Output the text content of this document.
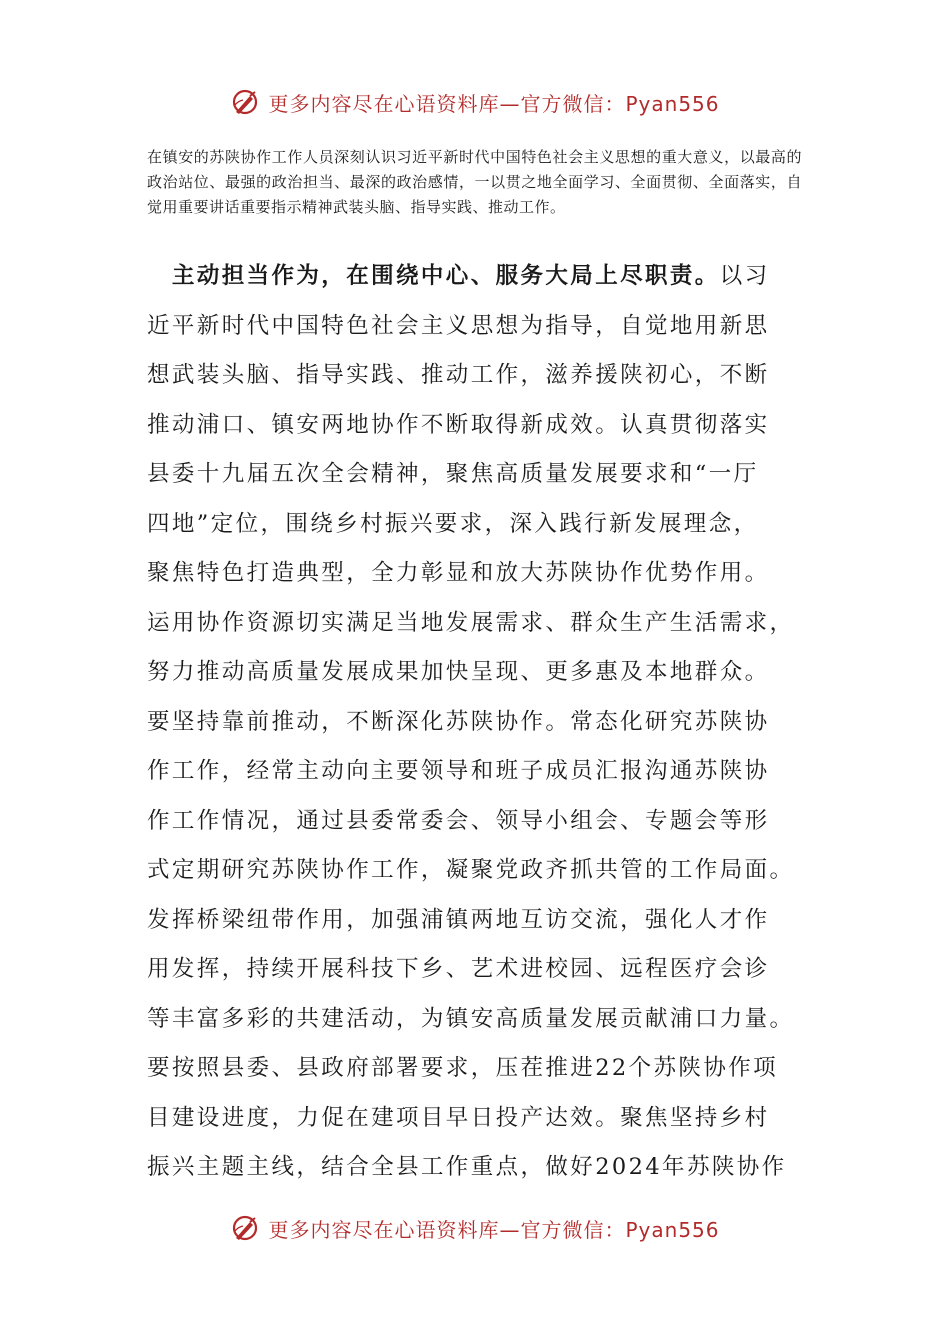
更多内容尽在心语资料库—官方微信：Pyan556

在镇安的苏陕协作工作人员深刻认识习近平新时代中国特色社会主义思想的重大意义，以最高的政治站位、最强的政治担当、最深的政治感情，一以贯之地全面学习、全面贯彻、全面落实，自觉用重要讲话重要指示精神武装头脑、指导实践、推动工作。

　主动担当作为，在围绕中心、服务大局上尽职责。以习
近平新时代中国特色社会主义思想为指导，自觉地用新思
想武装头脑、指导实践、推动工作，滋养援陕初心，不断
推动浦口、镇安两地协作不断取得新成效。认真贯彻落实
县委十九届五次全会精神，聚焦高质量发展要求和“一厅
四地”定位，围绕乡村振兴要求，深入践行新发展理念，
聚焦特色打造典型，全力彰显和放大苏陕协作优势作用。
运用协作资源切实满足当地发展需求、群众生产生活需求，
努力推动高质量发展成果加快呈现、更多惠及本地群众。
要坚持靠前推动，不断深化苏陕协作。常态化研究苏陕协
作工作，经常主动向主要领导和班子成员汇报沟通苏陕协
作工作情况，通过县委常委会、领导小组会、专题会等形
式定期研究苏陕协作工作，凝聚党政齐抓共管的工作局面。
发挥桥梁纽带作用，加强浦镇两地互访交流，强化人才作
用发挥，持续开展科技下乡、艺术进校园、远程医疗会诊
等丰富多彩的共建活动，为镇安高质量发展贡献浦口力量。
要按照县委、县政府部署要求，压茬推进22个苏陕协作项
目建设进度，力促在建项目早日投产达效。聚焦坚持乡村
振兴主题主线，结合全县工作重点，做好2024年苏陕协作
更多内容尽在心语资料库—官方微信：Pyan556
